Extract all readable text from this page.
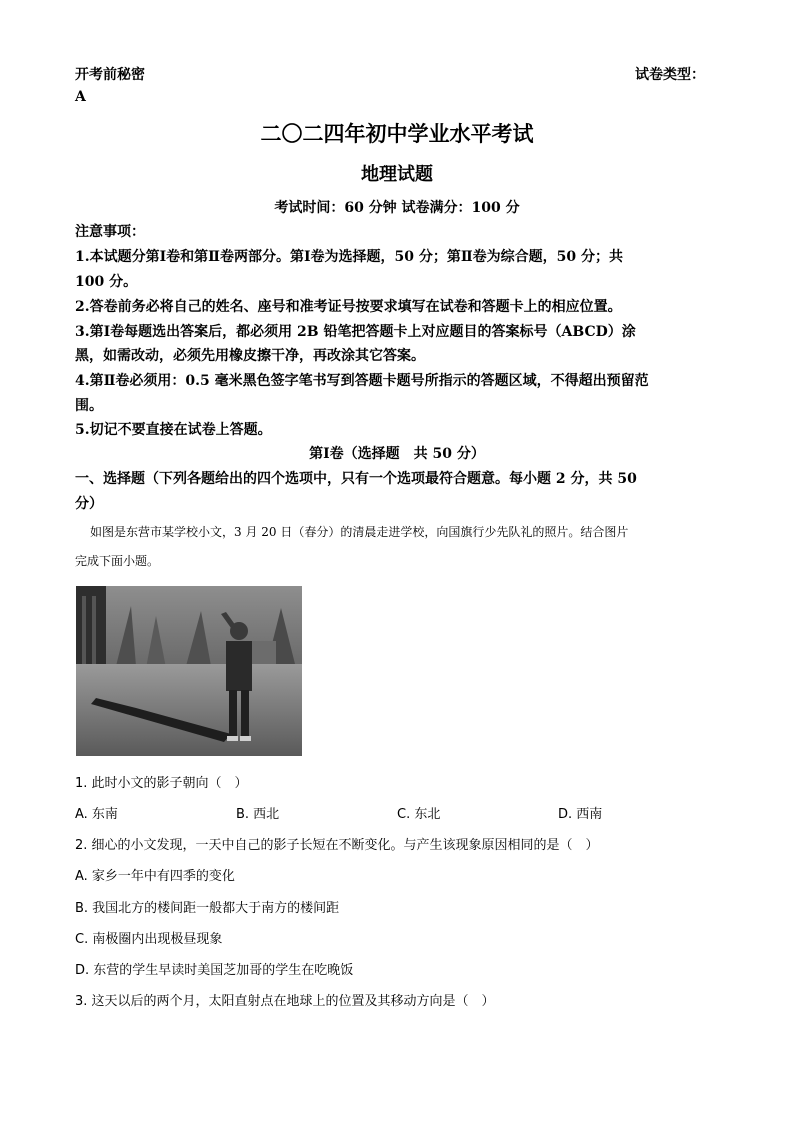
开考前秘密	试卷类型：
A
二〇二四年初中学业水平考试
地理试题
考试时间：60 分钟 试卷满分：100 分
注意事项：
1.本试题分第Ⅰ卷和第Ⅱ卷两部分。第Ⅰ卷为选择题，50 分；第Ⅱ卷为综合题，50 分；共
100 分。
2.答卷前务必将自己的姓名、座号和准考证号按要求填写在试卷和答题卡上的相应位置。
3.第Ⅰ卷每题选出答案后，都必须用 2B 铅笔把答题卡上对应题目的答案标号（ABCD）涂
黑，如需改动，必须先用橡皮擦干净，再改涂其它答案。
4.第Ⅱ卷必须用：0.5 毫米黑色签字笔书写到答题卡题号所指示的答题区域，不得超出预留范
围。
5.切记不要直接在试卷上答题。
第Ⅰ卷（选择题　共 50 分）
一、选择题（下列各题给出的四个选项中，只有一个选项最符合题意。每小题 2 分，共 50
分）
如图是东营市某学校小文，3 月 20 日（春分）的清晨走进学校，向国旗行少先队礼的照片。结合图片
完成下面小题。
1. 此时小文的影子朝向（　）
A. 东南	B. 西北	C. 东北	D. 西南
2. 细心的小文发现，一天中自己的影子长短在不断变化。与产生该现象原因相同的是（　）
A. 家乡一年中有四季的变化
B. 我国北方的楼间距一般都大于南方的楼间距
C. 南极圈内出现极昼现象
D. 东营的学生早读时美国芝加哥的学生在吃晚饭
3. 这天以后的两个月，太阳直射点在地球上的位置及其移动方向是（　）
